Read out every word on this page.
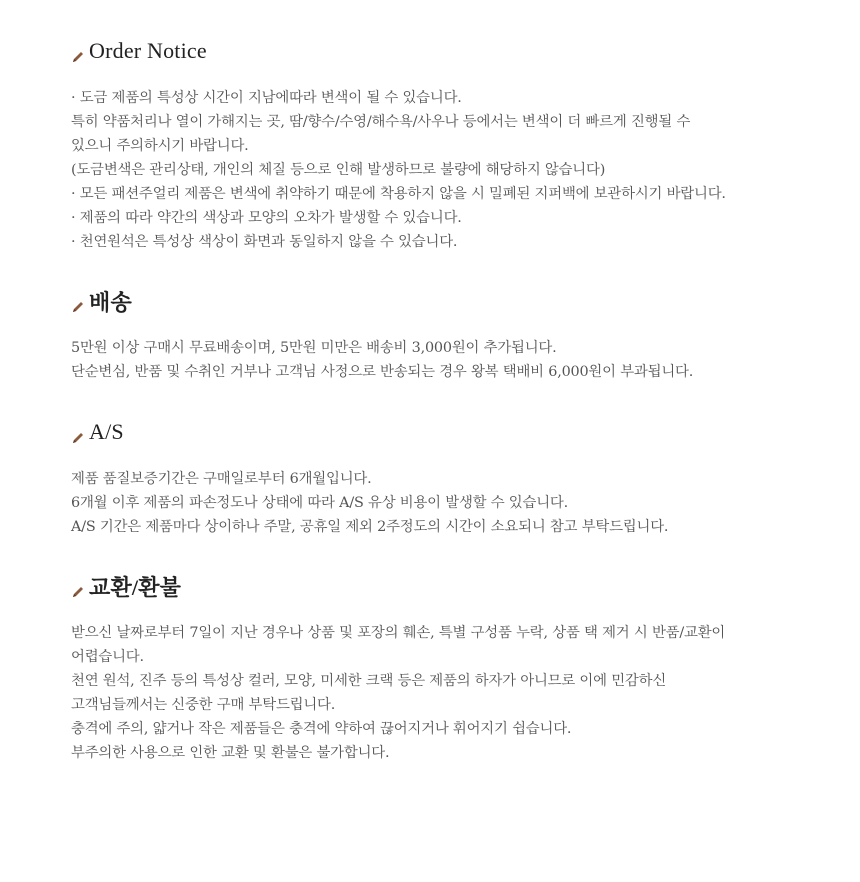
Order Notice
· 도금 제품의 특성상 시간이 지남에따라 변색이 될 수 있습니다.
특히 약품처리나 열이 가해지는 곳, 땀/향수/수영/해수욕/사우나 등에서는 변색이 더 빠르게 진행될 수
있으니 주의하시기 바랍니다.
(도금변색은 관리상태, 개인의 체질 등으로 인해 발생하므로 불량에 해당하지 않습니다)
· 모든 패션주얼리 제품은 변색에 취약하기 때문에 착용하지 않을 시 밀폐된 지퍼백에 보관하시기 바랍니다.
· 제품의 따라 약간의 색상과 모양의 오차가 발생할 수 있습니다.
· 천연원석은 특성상 색상이 화면과 동일하지 않을 수 있습니다.
배송
5만원 이상 구매시 무료배송이며, 5만원 미만은 배송비 3,000원이 추가됩니다.
단순변심, 반품 및 수취인 거부나 고객님 사정으로 반송되는 경우 왕복 택배비 6,000원이 부과됩니다.
A/S
제품 품질보증기간은 구매일로부터 6개월입니다.
6개월 이후 제품의 파손정도나 상태에 따라 A/S 유상 비용이 발생할 수 있습니다.
A/S 기간은 제품마다 상이하나 주말, 공휴일 제외 2주정도의 시간이 소요되니 참고 부탁드립니다.
교환/환불
받으신 날짜로부터 7일이 지난 경우나 상품 및 포장의 훼손, 특별 구성품 누락, 상품 택 제거 시 반품/교환이
어렵습니다.
천연 원석, 진주 등의 특성상 컬러, 모양, 미세한 크랙 등은 제품의 하자가 아니므로 이에 민감하신
고객님들께서는 신중한 구매 부탁드립니다.
충격에 주의, 얇거나 작은 제품들은 충격에 약하여 끊어지거나 휘어지기 쉽습니다.
부주의한 사용으로 인한 교환 및 환불은 불가합니다.
